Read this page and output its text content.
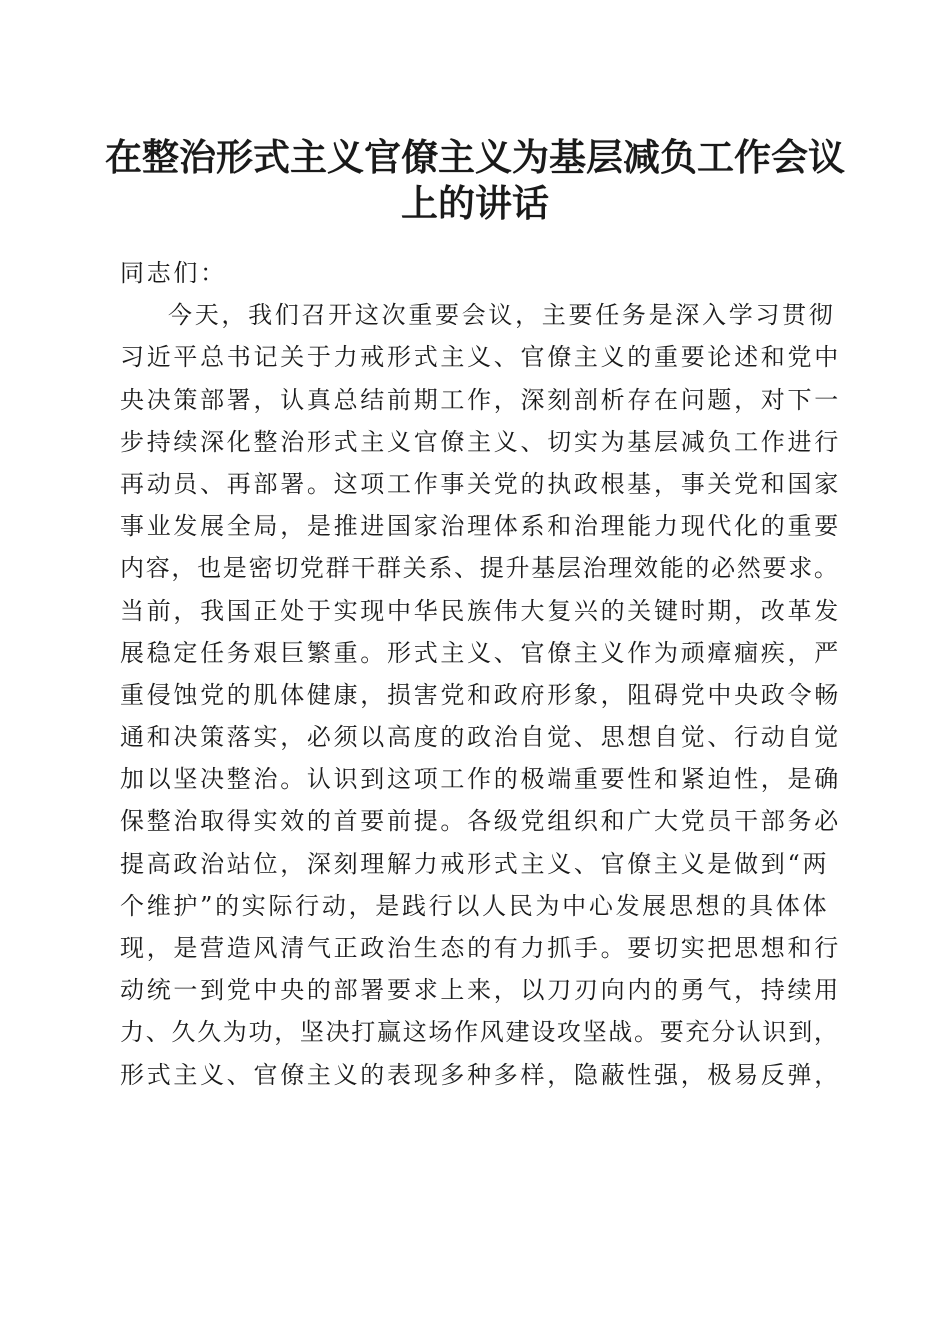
在整治形式主义官僚主义为基层减负工作会议
上的讲话
同志们：
今天，我们召开这次重要会议，主要任务是深入学习贯彻
习近平总书记关于力戒形式主义、官僚主义的重要论述和党中
央决策部署，认真总结前期工作，深刻剖析存在问题，对下一
步持续深化整治形式主义官僚主义、切实为基层减负工作进行
再动员、再部署。这项工作事关党的执政根基，事关党和国家
事业发展全局，是推进国家治理体系和治理能力现代化的重要
内容，也是密切党群干群关系、提升基层治理效能的必然要求。
当前，我国正处于实现中华民族伟大复兴的关键时期，改革发
展稳定任务艰巨繁重。形式主义、官僚主义作为顽瘴痼疾，严
重侵蚀党的肌体健康，损害党和政府形象，阻碍党中央政令畅
通和决策落实，必须以高度的政治自觉、思想自觉、行动自觉
加以坚决整治。认识到这项工作的极端重要性和紧迫性，是确
保整治取得实效的首要前提。各级党组织和广大党员干部务必
提高政治站位，深刻理解力戒形式主义、官僚主义是做到“两
个维护”的实际行动，是践行以人民为中心发展思想的具体体
现，是营造风清气正政治生态的有力抓手。要切实把思想和行
动统一到党中央的部署要求上来，以刀刃向内的勇气，持续用
力、久久为功，坚决打赢这场作风建设攻坚战。要充分认识到，
形式主义、官僚主义的表现多种多样，隐蔽性强，极易反弹，
